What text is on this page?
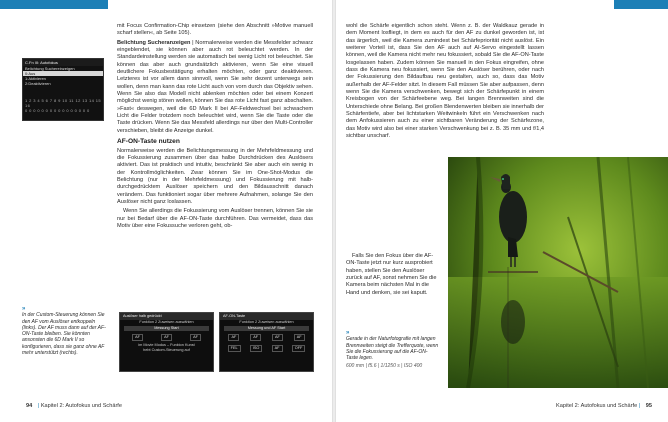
C.Fn III: Autofokus
Belichtung Suchereinzeigen
0:Aus
1:Aktivieren
2:Deaktivieren
1 2 3 4 5 6 7 8 9 10 11 12 13 14 15 16
0 0 0 0 0 0 0 0 0 0 0 0 0 0 0 0

mit Focus Confirmation-Chip einsetzen (siehe den Abschnitt »Motive manuell scharf stellen«, ab Seite 105).

Belichtung Sucheranzeigen | Normalerweise werden die Messfelder schwarz eingeblendet, sie können aber auch rot beleuchtet werden. In der Standardeinstellung werden sie automatisch bei wenig Licht rot beleuchtet. Sie können das aber auch grundsätzlich aktivieren, wenn Sie eine visuell deutlichere Fokusbestätigung erhalten möchten, oder ganz deaktivieren. Letzteres ist vor allem dann sinnvoll, wenn Sie sehr dezent unterwegs sein wollen, denn man kann das rote Licht auch von vorn durch das Objektiv sehen. Wenn Sie also das Modell nicht ablenken möchten oder bei einem Konzert möglichst wenig stören wollen, können Sie das rote Licht fast ganz abschalten. »Fast« deswegen, weil die 6D Mark II bei AF-Feldwechsel bei schwachem Licht die Felder trotzdem noch beleuchtet wird, wenn Sie die Taste oder die Taste drücken. Wenn Sie das Messfeld allerdings nur über den Multi-Controller verschieben, bleibt die Anzeige dunkel.

AF-ON-Taste nutzen

Normalerweise werden die Belichtungsmessung in der Mehrfeldmessung und die Fokussierung zusammen über das halbe Durchdrücken des Auslösers aktiviert. Das ist praktisch und intuitiv, beschränkt Sie aber auch ein wenig in der Kontrollmöglichkeiten. Zwar können Sie im One-Shot-Modus die Belichtung (nur in der Mehrfeldmessung) und Fokussierung mit halb-durchgedrücktem Auslöser speichern und den Bildausschnitt danach verändern. Das funktioniert sogar über mehrere Aufnahmen, solange Sie den Auslöser nicht ganz loslassen.

Wenn Sie allerdings die Fokussierung vom Auslöser trennen, können Sie sie nur bei Bedarf über die AF-ON-Taste durchführen. Das vermeidet, dass das Motiv über eine Fokussuche verloren geht, ob-

»
In der Custom-Steuerung können Sie den AF vom Auslöser entkoppeln (links). Der AF muss dann auf der AF-ON-Taste bleiben. Sie könnten ansonsten die 6D Mark II so konfigurieren, dass sie ganz ohne AF mehr unterstützt (rechts).
Auslöser halb gedrückt
Funktion 2 Zuweisen auswählen
Messung Start
AF	AF	AF
im Movie Modus – Funkton Kunst
hebt Custom-Steuerung auf
AF-ON-Taste
Funktion 2 Zuweisen auswählen
Messung und AF Start
AF	AF	AF	AF
FEL	ISO	AF	OFF
94 | Kapitel 2: Autofokus und Schärfe

wohl die Schärfe eigentlich schon steht. Wenn z. B. der Waldkauz gerade in dem Moment losfliegt, in dem es auch für den AF zu dunkel geworden ist, ist das ärgerlich, weil die Kamera zumindest bei Schärfepriorität nicht auslöst. Ein weiterer Vorteil ist, dass Sie den AF auch auf AI-Servo eingestellt lassen können, weil die Kamera nicht mehr neu fokussiert, sobald Sie die AF-ON-Taste losgelassen haben. Zudem können Sie manuell in den Fokus eingreifen, ohne dass die Kamera neu fokussiert, wenn Sie den Auslöser berühren, oder nach der Fokussierung den Bildaufbau neu gestalten, auch so, dass das Motiv außerhalb der AF-Felder sitzt. In diesem Fall müssen Sie aber aufpassen, denn wenn Sie die Kamera verschwenken, bewegt sich der Schärfepunkt in einem Kreisbogen von der Schärfeebene weg. Bei langen Brennweiten sind die Unterschiede ohne Belang. Bei großen Blendenwerten bleiben sie innerhalb der Schärfentiefe, aber bei lichtstarken Weitwinkeln führt ein Verschwenken nach dem Anfokussieren auch zu einer sichtbaren Veränderung der Schärfezone, das Motiv wird also bei einer starken Verschwenkung bei z. B. 35 mm und f/1,4 sichtbar unscharf.

Falls Sie den Fokus über die AF-ON-Taste jetzt nur kurz ausprobiert haben, stellen Sie den Auslöser zurück auf AF, sonst nehmen Sie die Kamera beim nächsten Mal in die Hand und denken, sie sei kaputt.

»
Gerade in der Naturfotografie mit langen Brennweiten steigt die Trefferquote, wenn Sie die Fokussierung auf die AF-ON-Taste legen.
600 mm | f5.6 | 1/1250 s | ISO 400
Kapitel 2: Autofokus und Schärfe | 95
